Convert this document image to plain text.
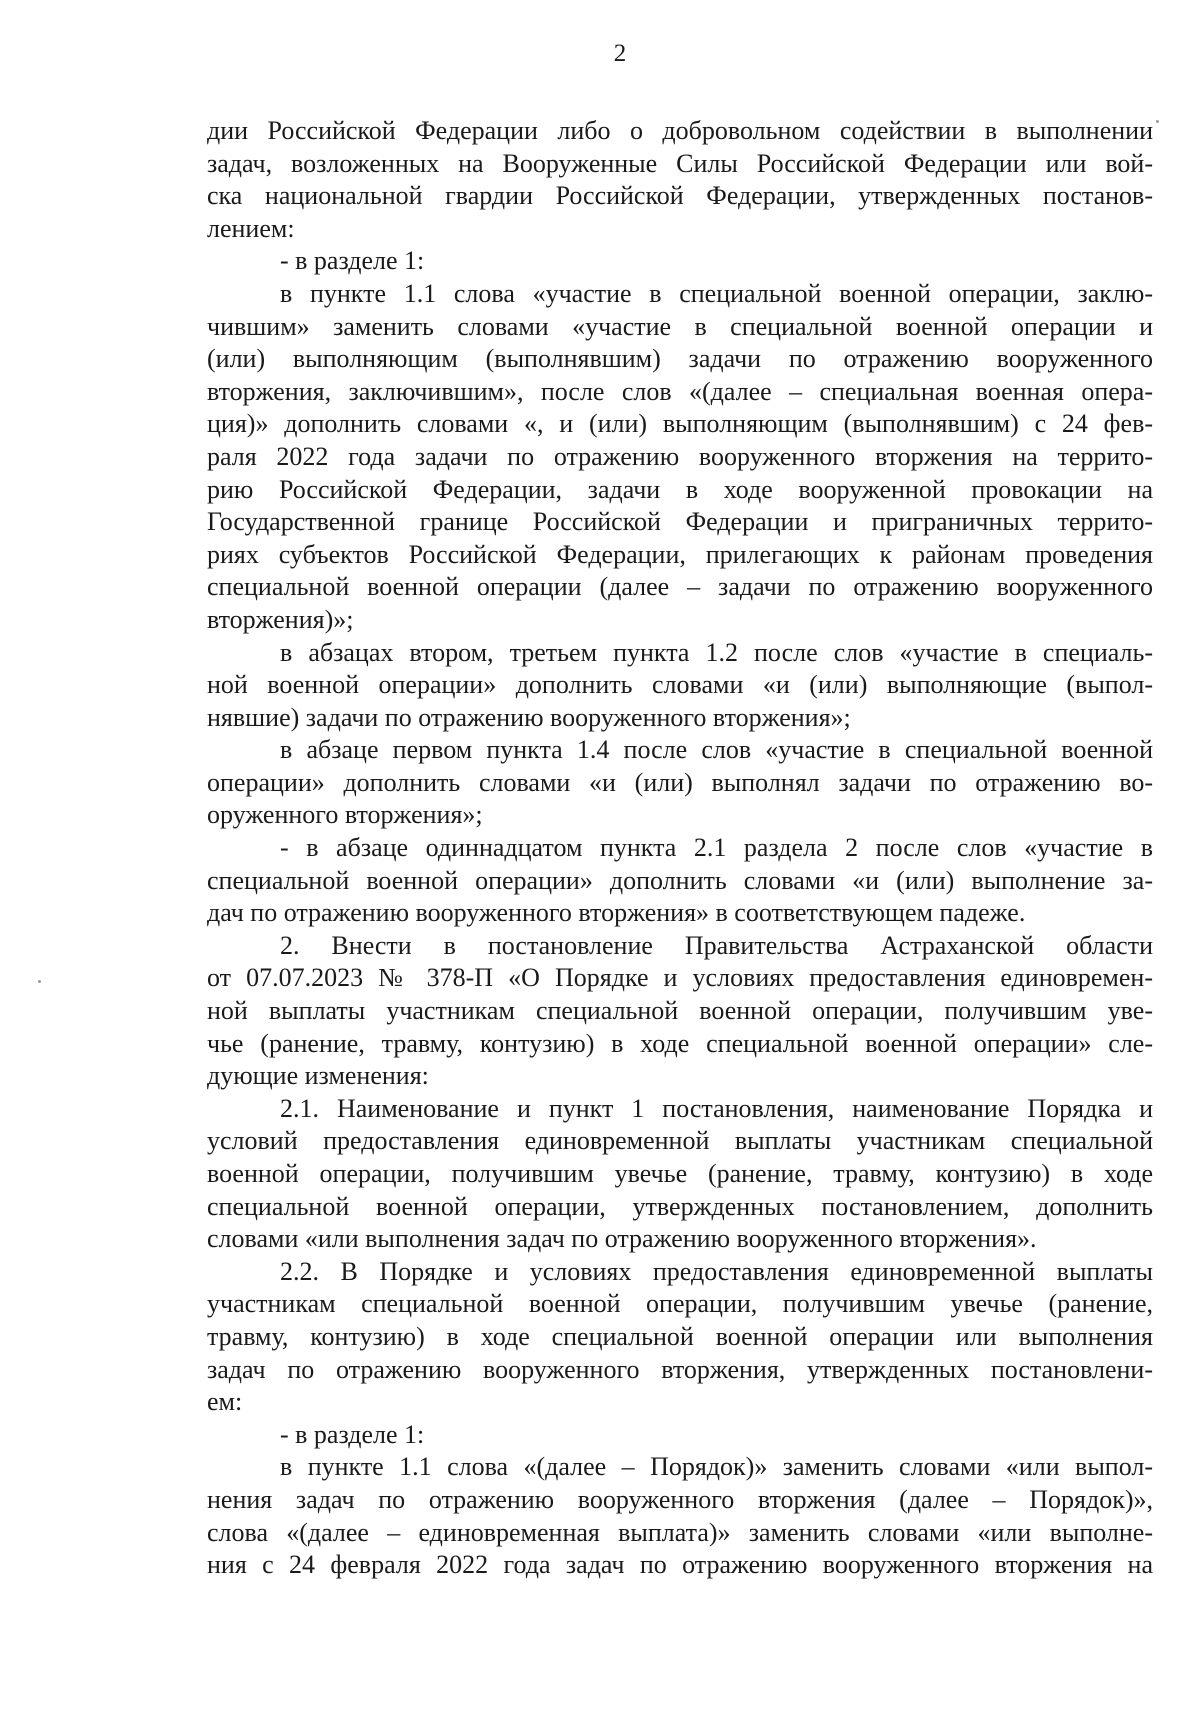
2
дии Российской Федерации либо о добровольном содействии в выполнении
задач, возложенных на Вооруженные Силы Российской Федерации или вой-
ска национальной гвардии Российской Федерации, утвержденных постанов-
лением:
- в разделе 1:
в пункте 1.1 слова «участие в специальной военной операции, заклю-
чившим» заменить словами «участие в специальной военной операции и
(или) выполняющим (выполнявшим) задачи по отражению вооруженного
вторжения, заключившим», после слов «(далее – специальная военная опера-
ция)» дополнить словами «, и (или) выполняющим (выполнявшим) с 24 фев-
раля 2022 года задачи по отражению вооруженного вторжения на террито-
рию Российской Федерации, задачи в ходе вооруженной провокации на
Государственной границе Российской Федерации и приграничных террито-
риях субъектов Российской Федерации, прилегающих к районам проведения
специальной военной операции (далее – задачи по отражению вооруженного
вторжения)»;
в абзацах втором, третьем пункта 1.2 после слов «участие в специаль-
ной военной операции» дополнить словами «и (или) выполняющие (выпол-
нявшие) задачи по отражению вооруженного вторжения»;
в абзаце первом пункта 1.4 после слов «участие в специальной военной
операции» дополнить словами «и (или) выполнял задачи по отражению во-
оруженного вторжения»;
- в абзаце одиннадцатом пункта 2.1 раздела 2 после слов «участие в
специальной военной операции» дополнить словами «и (или) выполнение за-
дач по отражению вооруженного вторжения» в соответствующем падеже.
2. Внести в постановление Правительства Астраханской области
от 07.07.2023 № 378-П «О Порядке и условиях предоставления единовремен-
ной выплаты участникам специальной военной операции, получившим уве-
чье (ранение, травму, контузию) в ходе специальной военной операции» сле-
дующие изменения:
2.1. Наименование и пункт 1 постановления, наименование Порядка и
условий предоставления единовременной выплаты участникам специальной
военной операции, получившим увечье (ранение, травму, контузию) в ходе
специальной военной операции, утвержденных постановлением, дополнить
словами «или выполнения задач по отражению вооруженного вторжения».
2.2. В Порядке и условиях предоставления единовременной выплаты
участникам специальной военной операции, получившим увечье (ранение,
травму, контузию) в ходе специальной военной операции или выполнения
задач по отражению вооруженного вторжения, утвержденных постановлени-
ем:
- в разделе 1:
в пункте 1.1 слова «(далее – Порядок)» заменить словами «или выпол-
нения задач по отражению вооруженного вторжения (далее – Порядок)»,
слова «(далее – единовременная выплата)» заменить словами «или выполне-
ния с 24 февраля 2022 года задач по отражению вооруженного вторжения на
